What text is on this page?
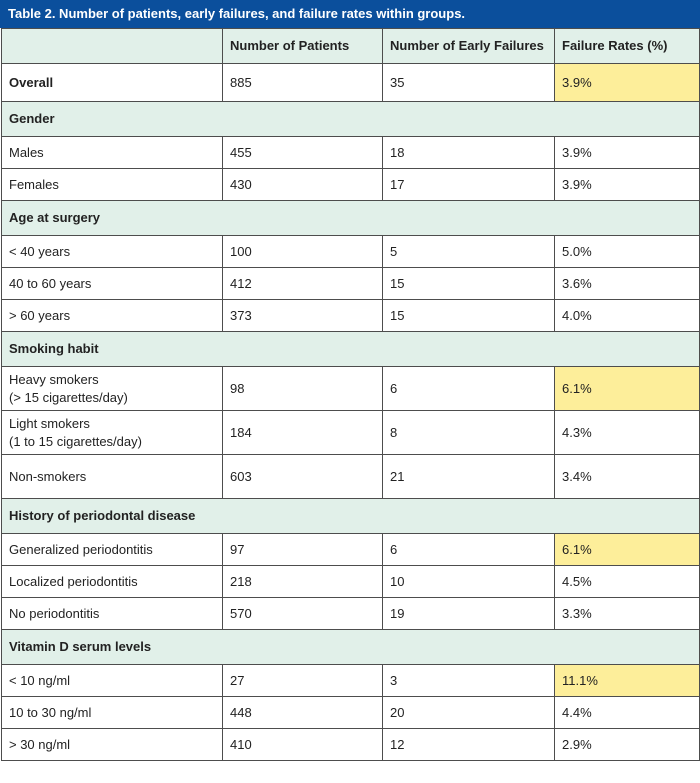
Table 2. Number of patients, early failures, and failure rates within groups.
	Number of Patients	Number of Early Failures	Failure Rates (%)
Overall	885	35	3.9%
Gender			

Males	455	18	3.9%

Females	430	17	3.9%
Age at surgery			

< 40 years	100	5	5.0%

40 to 60 years	412	15	3.6%

> 60 years	373	15	4.0%
Smoking habit			

Heavy smokers
(> 15 cigarettes/day)	98	6	6.1%

Light smokers
(1 to 15 cigarettes/day)	184	8	4.3%

Non-smokers	603	21	3.4%
History of periodontal disease			

Generalized periodontitis	97	6	6.1%

Localized periodontitis	218	10	4.5%

No periodontitis	570	19	3.3%
Vitamin D serum levels			

< 10 ng/ml	27	3	11.1%

10 to 30 ng/ml	448	20	4.4%

> 30 ng/ml	410	12	2.9%
